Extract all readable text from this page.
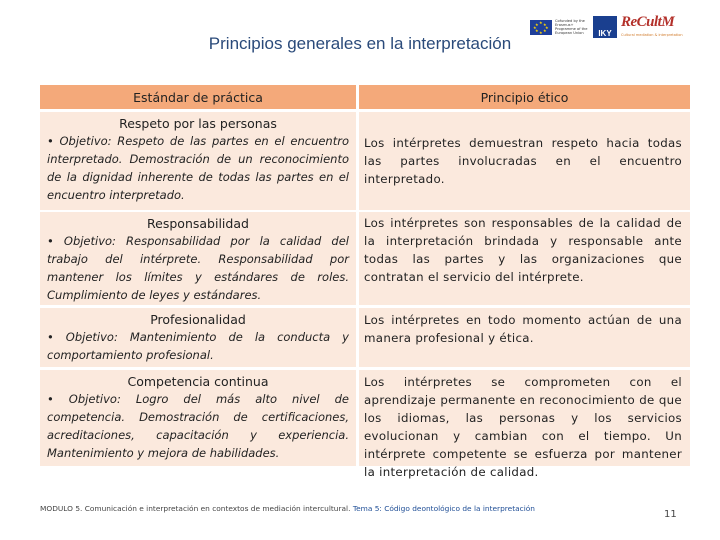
★ ★
★
★
★
★
★
★
Cofunded by the Erasmus+ Programme of the European Union	IKY
ReCultM
Cultural mediation & interpretation
Principios generales en la interpretación
Estándar de práctica	Principio ético
Respeto por las personas
• Objetivo: Respeto de las partes en el encuentro interpretado. Demostración de un reconocimiento de la dignidad inherente de todas las partes en el encuentro interpretado.
Los intérpretes demuestran respeto hacia todas las partes involucradas en el encuentro interpretado.
Responsabilidad
• Objetivo: Responsabilidad por la calidad del trabajo del intérprete. Responsabilidad por mantener los límites y estándares de roles. Cumplimiento de leyes y estándares.
Los intérpretes son responsables de la calidad de la interpretación brindada y responsable ante todas las partes y las organizaciones que contratan el servicio del intérprete.
Profesionalidad
• Objetivo: Mantenimiento de la conducta y comportamiento profesional.
Los intérpretes en todo momento actúan de una manera profesional y ética.
Competencia continua
• Objetivo: Logro del más alto nivel de competencia. Demostración de certificaciones, acreditaciones, capacitación y experiencia. Mantenimiento y mejora de habilidades.
Los intérpretes se comprometen con el aprendizaje permanente en reconocimiento de que los idiomas, las personas y los servicios evolucionan y cambian con el tiempo. Un intérprete competente se esfuerza por mantener la interpretación de calidad.
MODULO 5. Comunicación e interpretación en contextos de mediación intercultural. Tema 5: Código deontológico de la interpretación
11
